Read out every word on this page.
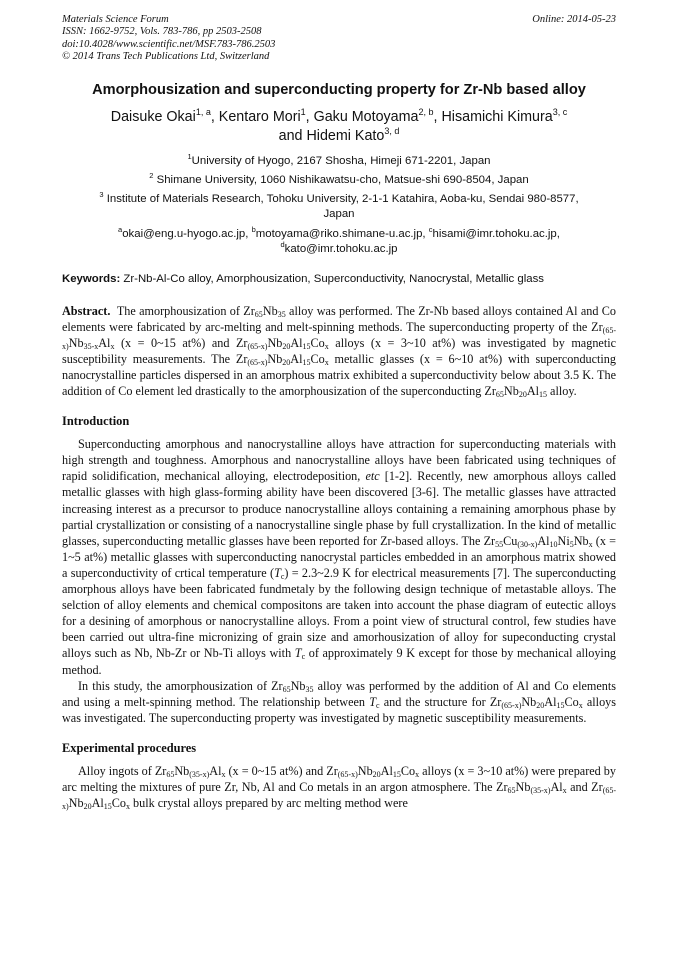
Materials Science Forum	Online: 2014-05-23
ISSN: 1662-9752, Vols. 783-786, pp 2503-2508
doi:10.4028/www.scientific.net/MSF.783-786.2503
© 2014 Trans Tech Publications Ltd, Switzerland
Amorphousization and superconducting property for Zr-Nb based alloy
Daisuke Okai$^{1, a}$, Kentaro Mori$^1$, Gaku Motoyama$^{2, b}$, Hisamichi Kimura$^{3, c}$
and Hidemi Kato$^{3, d}$
$^1$University of Hyogo, 2167 Shosha, Himeji 671-2201, Japan
$^2$ Shimane University, 1060 Nishikawatsu-cho, Matsue-shi 690-8504, Japan
$^3$ Institute of Materials Research, Tohoku University, 2-1-1 Katahira, Aoba-ku, Sendai 980-8577,
Japan
$^a$okai@eng.u-hyogo.ac.jp, $^b$motoyama@riko.shimane-u.ac.jp, $^c$hisami@imr.tohoku.ac.jp,
$^d$kato@imr.tohoku.ac.jp
Keywords: Zr-Nb-Al-Co alloy, Amorphousization, Superconductivity, Nanocrystal, Metallic glass

Abstract. The amorphousization of $Zr_{65}Nb_{35}$ alloy was performed. The Zr-Nb based alloys contained Al and Co elements were fabricated by arc-melting and melt-spinning methods. The superconducting property of the $Zr_{(65-x)}Nb_{35-x}Al_x$ (x = 0~15 at%) and $Zr_{(65-x)}Nb_{20}Al_{15}Co_x$ alloys (x = 3~10 at%) was investigated by magnetic susceptibility measurements. The $Zr_{(65-x)}Nb_{20}Al_{15}Co_x$ metallic glasses (x = 6~10 at%) with superconducting nanocrystalline particles dispersed in an amorphous matrix exhibited a superconductivity below about 3.5 K. The addition of Co element led drastically to the amorphousization of the superconducting $Zr_{65}Nb_{20}Al_{15}$ alloy.

Introduction

Superconducting amorphous and nanocrystalline alloys have attraction for superconducting materials with high strength and toughness. Amorphous and nanocrystalline alloys have been fabricated using techniques of rapid solidification, mechanical alloying, electrodeposition, etc [1-2]. Recently, new amorphous alloys called metallic glasses with high glass-forming ability have been discovered [3-6]. The metallic glasses have attracted increasing interest as a precursor to produce nanocrystalline alloys containing a remaining amorphous phase by partial crystallization or consisting of a nanocrystalline single phase by full crystallization. In the kind of metallic glasses, superconducting metallic glasses have been reported for Zr-based alloys. The $Zr_{55}Cu_{(30-x)}Al_{10}Ni_5Nb_x$ (x = 1~5 at%) metallic glasses with superconducting nanocrystal particles embedded in an amorphous matrix showed a superconductivity of crtical temperature $(T_c)$ = 2.3~2.9 K for electrical measurements [7]. The superconducting amorphous alloys have been fabricated fundmetaly by the following design technique of metastable alloys. The selction of alloy elements and chemical compositons are taken into account the phase diagram of eutectic alloys for a desining of amorphous or nanocrystalline alloys. From a point view of structural control, few studies have been carried out ultra-fine micronizing of grain size and amorhousization of alloy for supeconducting crystal alloys such as Nb, Nb-Zr or Nb-Ti alloys with $T_c$ of approximately 9 K except for those by mechanical alloying method.

In this study, the amorphousization of $Zr_{65}Nb_{35}$ alloy was performed by the addition of Al and Co elements and using a melt-spinning method. The relationship between $T_c$ and the structure for $Zr_{(65-x)}Nb_{20}Al_{15}Co_x$ alloys was investigated. The superconducting property was investigated by magnetic susceptibility measurements.

Experimental procedures

Alloy ingots of $Zr_{65}Nb_{(35-x)}Al_x$ (x = 0~15 at%) and $Zr_{(65-x)}Nb_{20}Al_{15}Co_x$ alloys (x = 3~10 at%) were prepared by arc melting the mixtures of pure Zr, Nb, Al and Co metals in an argon atmosphere. The $Zr_{65}Nb_{(35-x)}Al_x$ and $Zr_{(65-x)}Nb_{20}Al_{15}Co_x$ bulk crystal alloys prepared by arc melting method were
